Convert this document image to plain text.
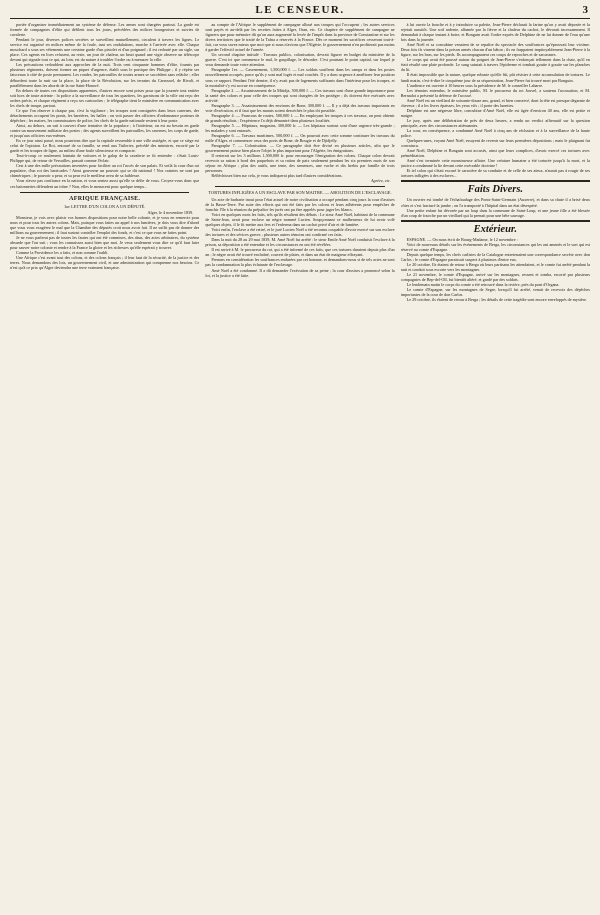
LE CENSEUR.	3

portée d'organiser immédiatement un système de défense. Les armes sont chargées partout. La garde est formée de compagnies d'élite qui défilent tous les jours, précédées des milices bourgeoises et suivies de cavalerie.

Pendant le jour, diverses polices secrètes se surveillent mutuellement, circulent à travers les lignes. Le service est organisé en milices même de la foule, tant ses ondulations, marche à l'arrivée avec elle. Chaque mouchard a sous ses vêtements une certaine garde d'un pistolet et d'un poignard ; il est redouté par un sigle, sur place. Ces agents en lices refusent, au reste, un jour de chaleur, un bruit quand une vigie observe un téléscope devant qui signale tout ce qui, au loin, est du nature à troubler l'ordre ou à menacer la ville.

Les précautions redoublent aux approches de la nuit. Trois cent cinquante hommes d'élite, fournis par plusieurs régiments, doivent former un piquet d'urgence, établi sous le portique des Philippe ; il y répète ses faisceaux à côté de poste permanent. Les rondes, les patrouilles de toutes armes se succèdent sans relâche ; elles débordent toute la nuit sur la place, la place de la Révolution, sur les terrains du Carrousel, de Rivoli, et parallèlement dans les abords de la rue Saint-Honoré.

En dehors de toutes ces dispositions apparentes, d'autres encore sont prises pour que la journée tout entière soit hors de toute atteinte : la police a la surveillance de tous les quartiers, les garnisons de la ville ont reçu des ordres précis, et chaque régiment a reçu ses cartouches ; le télégraphe tient le ministère en communication avec les chefs de troupe, partout.

Ce que l'on observe à chaque pas, c'est la vigilance ; les troupes sont consignées dans leurs casernes, des détachements occupent les ponts, les barrières, les halles ; on voit passer des officiers d'ordonnance porteurs de dépêches ; les maires, les commissaires de police, les chefs de la garde nationale restent à leur poste.

Ainsi, au dehors, on sait à couvert d'une tentative de la populace ; à l'intérieur, on est au besoin en garde contre un mouvement militaire des postes ; des agents surveillent les patrouilles, les casernes, les corps de garde, et jusqu'aux officiers eux-mêmes.

En ce jour ainsi passé, nous pourrions dire que la capitale ressemble à une ville assiégée, et que ce siège est celui de l'opinion. Le Roi, entouré de sa famille, se rend aux Tuileries, précédé des ministres, escorté par la garde et les troupes de ligne, au milieu d'une foule silencieuse et compacte.

Tout-à-coup ce roulement lointain de voitures et le galop de la cavalerie se fit entendre : c'était Louis-Philippe qui, de retour de Versailles, passait comme l'éclair.

Cest à une des mille précautions inventées pour faciliter au roi l'accès de son palais. Et voilà la cour d'un roi populaire, d'un roi des barricades ! Ainsi gouverne un pouvoir qui se dit national ! Nos craintes ne sont pas chimériques ; le pouvoir a peur, et sa peur est le meilleur aveu de sa faiblesse.

Vous n'avez pas confiance en la nation, et vous sentez aussi qu'elle se défie de vous. Croyez-vous donc que ces baïonnettes défendent un trône ? Non, elles le menacent pour quelque temps...

AFRIQUE FRANÇAISE.
1re LETTRE D'UN COLON A UN DÉPUTÉ.
Alger, le 4 novembre 1839.

Monsieur, je vois avec plaisir vos bonnes dispositions pour notre belle colonie, et je vous en remercie pour nous et pour tous les autres colons. Mais, puisque vous faites un appel à nos lumières, je dois vous dire d'abord que vous vous exagérez le mal que la Chambre des députés croit nous avoir fait. Il ne suffit pas de donner des millions au gouvernement ; il faut surtout contrôler l'emploi des fonds, et c'est ce que vous ne faites point.

Je ne vous parlerai pas de toutes les fautes qui ont été commises, des abus, des actes arbitraires, du système absurde que l'on suit ; vous les connaissez aussi bien que moi. Je veux seulement vous dire ce qu'il faut faire pour sauver notre colonie et rendre à la France la gloire et les richesses qu'elle espérait y trouver.

Comme la Providence les a faits, et non comme l'oubli.

Une Afrique c'est avant tout des colons, et des colons français ; il leur faut de la sécurité, de la justice et des terres. Nous demandons des lois, un gouvernement civil, et une administration qui comprenne nos besoins. Ce n'est qu'à ce prix qu'Alger deviendra une terre vraiment française.

au compte de l'Afrique le supplément de campagne alloué aux troupes qui l'occupent ; les autres services sont payés et au-delà par les recettes faites à Alger, Oran, etc. Ce chapitre de supplément de campagne ne figurera que pour mémoire dû qu'on aura augmenté la levée de l'impôt dans la province de Constantine et sur les divers territoires que le traité de la Tafna a réservés à la France. Dès ce moment les sacrifices cesseront tout-à-fait, car vous savez mieux que moi que si nous n'avions que l'Algérie, le gouvernement n'en profiterait pas moins à garder l'effectif actuel de l'armée.

Un second chapitre intitulé : Travaux publics, colonisation, devrait figurer en budget du ministère de la guerre. C'est ici que commence le mal, le gaspillage, le désordre. C'est pourtant le point capital, sur lequel je vous demande toute votre attention.

Paragraphe 1er. — Casernement, 1,500,000 f. — Les soldats souffrent dans les camps et dans les postes nouvellement occupés, parce qu'ils y sont mal logés et mal couchés. Il y a donc urgence à améliorer leur position sous ce rapport. Pendant l'été dernier, il n'y avait pas de logements suffisants dans l'intérieur pour les troupes, et la mortalité s'y est accrue en conséquence.

Paragraphe 2. — Assainissement de la Mitidja, 500,000 f. — Ces travaux sont d'une grande importance pour la santé des colons et pour celle des troupes qui sont chargées de les protéger ; ils doivent être exécutés avec activité.

Paragraphe 3. — Assainissement des environs de Bone, 300,000 f. — Il y a déjà des travaux importants en voie d'exécution, et il faut que les marais soient desséchés le plus tôt possible.

Paragraphe 4. — Francous de routes, 500,000 f. — En employant les troupes à ces travaux, on peut obtenir de grands résultats ; l'expérience l'a déjà démontré dans plusieurs localités.

Paragraphe 5. — Hôpitaux, magasins, 300,000 fr. — Les hôpitaux surtout sont d'une urgence très-grande ; les malades y sont entassés.

Paragraphe 6. — Travaux maritimes, 500,000 f. — On pourrait avec cette somme continuer les travaux du môle d'Alger, et commencer ceux des ports de Bone, de Bougie et de Djidjelly.

Paragraphe 7. — Colonisation. — Ce paragraphe doit être divisé en plusieurs articles, afin que le gouvernement puisse bien placer l'objet le plus important pour l'Algérie, les émigrations.

Il resterait sur les 3 millions 1,500,000 fr. pour encourager l'émigration des colons. Chaque colon devrait recevoir sa ration à bord des paquebots et sa ration de paix seulement pendant les six premiers mois de son séjour en Afrique ; plus des outils, une tente, des semences, une vache et dix brebis par famille de trois personnes.

Réfléchissez bien sur cela, je vous indiquerai plus tard d'autres considérations.

Agréez, etc.
TORTURES INFLIGÉES A UN ESCLAVE PAR SON MAITRE. — ABOLITION DE L'ESCLAVAGE.

Un acte de barbarie inouï pour l'état actuel de notre civilisation a occupé pendant cinq jours la cour d'assises de la Basse-Terre. Par suite des efforts qui ont été faits par les colons et leurs adhérents pour empêcher de franchir l'île à la réunion du préjudice les jurés ont pu être appelés pour juger les blancs.

Voici en quelques mots les faits, tels qu'ils résultent des débats : Le sieur Amé Noël, habitant de la commune de Saint-Jean, avait pour esclave un nègre nommé Lucien. Soupçonnant ce malheureux de lui avoir volé quelques objets, il le fit mettre aux fers et l'enferma dans un cachot privé d'air et de lumière.

Voici enfin, l'esclave a été retiré, et le juré Lucien Noël a été reconnu coupable d'avoir exercé sur son esclave des tortures et des sévices graves ; plusieurs autres témoins ont confirmé ces faits.

Dans la nuit du 28 au 29 mai 1839, M. Amé Noël fut arrêté : le sieur Emile Amé Noël conduisit l'esclave à la prison, sa déposition a été entendue et les circonstances en ont été révélées.

Il est arrivé à M. le procureur du roi, qui a été informé de ces faits, que ces tortures duraient depuis plus d'un an ; le nègre avait été trouvé enchaîné, couvert de plaies, et dans un état de maigreur effrayant.

Prenons en considération les souffrances endurées par cet homme, et demandons-nous si de tels actes ne sont pas la condamnation la plus éclatante de l'esclavage.

Amé Noël a été condamné. Il a dû demander l'exécution de sa peine ; la cour d'assises a prononcé selon la loi, et la justice a été faite.

à lui ouvrir la bouche et à y introduire sa palette, Jean-Pierre déclarait la farine qu'on y avait déposée et la rejetait aussitôt. Une soif ardente, allumée par la fièvre et la chaleur du cachot, le dévorait incessamment. Il demandait à chaque instant à boire, et Bonguin avait l'ordre exprès de Delphine de ne lui donner de l'eau qu'une fois dans la journée.

Amé Noël et sa concubine venaient de se repaître du spectacle des souffrances qu'éprouvait leur victime. Deux fois ils vinrent dans la prison armés chacun d'un bâton ; ils en frappaient impitoyablement Jean-Pierre à la figure, sur les bras, sur les pieds. Ils accompagnaient ces coups de reproches et de sarcasmes.

Le corps qui avait été poussé autour du poignet de Jean-Pierre s'enfonçait tellement dans la chair, qu'il en était résulté une plaie profonde. Le sang suintait à travers l'épiderme et tombait goutte à goutte sur les planches du lit.

Il était impossible que la nature, quelque robuste qu'elle fût, pût résister à cette accumulation de tortures. Le lundi matin, c'est-à-dire le cinquième jour de sa séquestration, Jean-Pierre fut trouvé mort par Bonguin.

L'audience est ouverte à 10 heures sous la présidence de M. le conseiller Labarre.

Les témoins entendus, le ministère public, M. le procureur du roi Jouvel, a soutenu l'accusation, et M. Bernadot a présenté la défense de l'accusé.

Amé Noël est un vieillard de soixante-douze ans, grand, et bien conservé, dont la tête est presque dégarnie de cheveux ; il a les livres épaisses, les yeux vifs ; il porte des lunettes.

Delphine est une négresse libre, concubine d'Amé Noël, elle est âgée d'environ 40 ans, elle est petite et maigre.

Le jury, après une délibération de près de deux heures, a rendu un verdict affirmatif sur la question principale, avec des circonstances atténuantes.

La cour, en conséquence, a condamné Amé Noël à cinq ans de réclusion et à la surveillance de la haute police.

Quelques-unes, voyant Amé Noël, essayent de revenir sur leurs premières dépositions ; mais le plaignant fut convaincu.

Amé Noël, Delphine et Bonguin sont accusés, ainsi que leurs complices, d'avoir exercé ces tortures avec préméditation.

Amé s'est terminée cette monstrueuse affaire. Une créature humaine a été torturée jusqu'à la mort, et la justice a condamné la lie devant cette exécrable doctrine !

Et tel colon qui s'était excusé le caractère de sa conduite et de celle de ses aïeux, n'aurait pas à rougir de ses tortures infligées à des esclaves...

Faits Divers.

Un ouvrier est tombé de l'échafaudage des Ponts-Saint-Germain (Auxerre), et dans sa chute il a brisé deux côtes et s'est fracturé la jambe ; on l'a transporté à l'hôpital dans un état désespéré.

Une petite enfant fut dévorée par un loup dans la commune de Saint-Loup, et une jeune fille a été blessée d'un coup de fourche par un vieillard qui la prenait pour une bête sauvage.

Extérieur.

ESPAGNE. — On nous écrit de Bourg-Madame, le 12 novembre :

Voici de nouveaux détails sur les événements de Berga, les circonstances qui les ont amenés et le sort qui est réservé au comte d'Espagne.

Depuis quelque temps, les chefs carlistes de la Catalogne entretenaient une correspondance secrète avec don Carlos ; le comte d'Espagne paraissait suspect à plusieurs d'entre eux.

Le 20 octobre, Ils étaient de retour à Berga où leurs partisans les attendaient, et le comte fut arrêté pendant la nuit et conduit sous escorte vers les montagnes.

Le 21 novembre, le comte d'Espagne, arrivé sur les montagnes, ressent et tomba, escorté par plusieurs compagnies de Bep-del-Oll, fut bientôt altéré, et gardé par des soldats.

Le lendemain matin le corps du comte a été retrouvé dans la rivière, près du pont d'Organa.

Le comte d'Espagne, sur les montagnes de Segre, lorsqu'il fut arrêté, venait de recevoir des dépêches importantes de la cour de don Carlos.

Le 29 octobre, ils étaient de retour à Berga ; les détails de cette tragédie sont encore enveloppés de mystère.
